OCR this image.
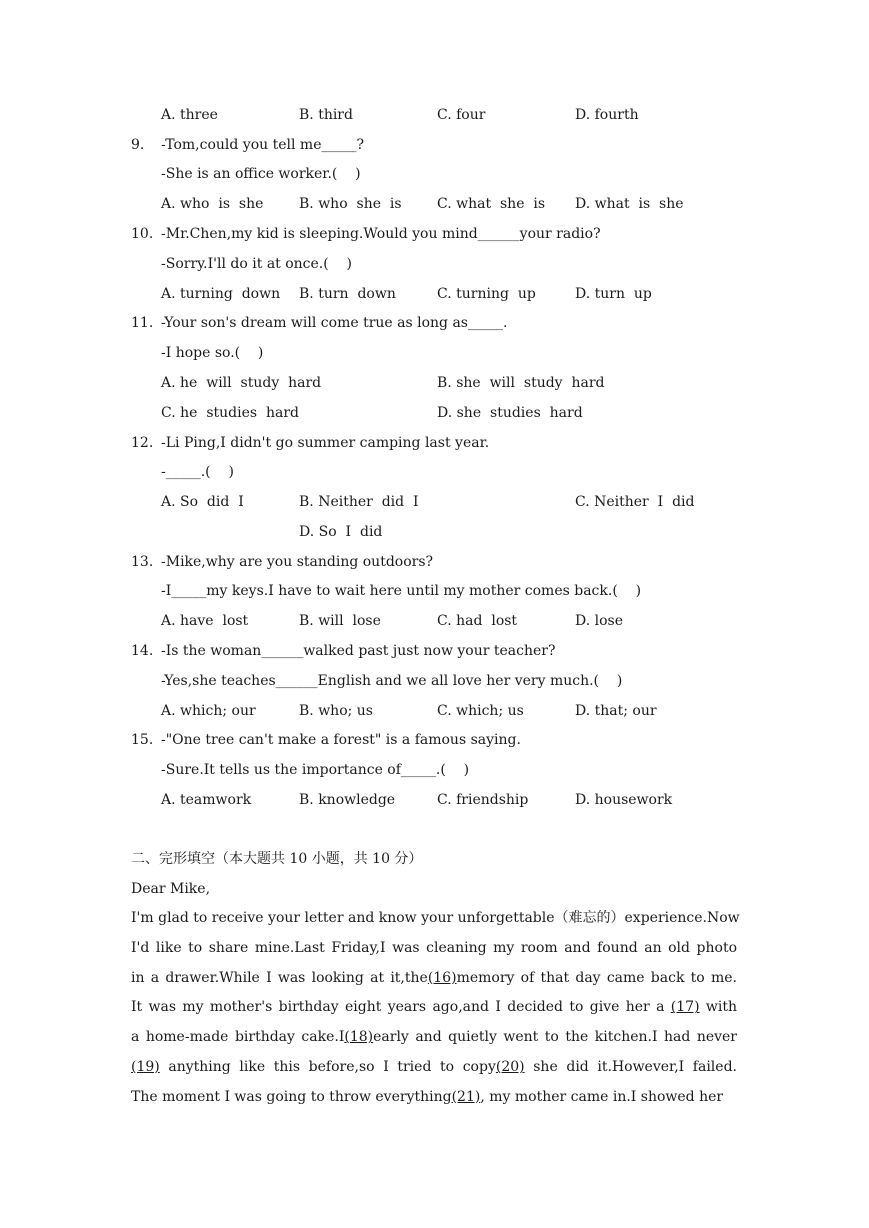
A. three	B. third	C. four	D. fourth
9. -Tom,could you tell me_____?
-She is an office worker.(    )
A. who  is  she	B. who  she  is	C. what  she  is D. what  is  she
10. -Mr.Chen,my kid is sleeping.Would you mind______your radio?
-Sorry.I'll do it at once.(    )
A. turning  down B. turn  down	C. turning  up	D. turn  up
11. -Your son's dream will come true as long as_____.
-I hope so.(    )
A. he  will  study  hard	B. she  will  study  hard
C. he  studies  hard	D. she  studies  hard
12. -Li Ping,I didn't go summer camping last year.
-_____.(    )
A. So  did  I	B. Neither  did  I	C. Neither  I  did
D. So  I  did
13. -Mike,why are you standing outdoors?
-I_____my keys.I have to wait here until my mother comes back.(    )
A. have  lost	B. will  lose	C. had  lost	D. lose
14. -Is the woman______walked past just now your teacher?
-Yes,she teaches______English and we all love her very much.(    )
A. which; our	B. who; us	C. which; us	D. that; our
15. -"One tree can't make a forest" is a famous saying.
-Sure.It tells us the importance of_____.(    )
A. teamwork	B. knowledge	C. friendship	D. housework
二、完形填空（本大题共 10 小题，共 10 分）
Dear Mike,
I'm glad to receive your letter and know your unforgettable（难忘的）experience.Now
I'd like to share mine.Last Friday,I was cleaning my room and found an old photo
in a drawer.While I was looking at it,the(16)memory of that day came back to me.
It was my mother's birthday eight years ago,and I decided to give her a (17) with
a home-made birthday cake.I(18)early and quietly went to the kitchen.I had never
(19) anything like this before,so I tried to copy(20) she did it.However,I failed.
The moment I was going to throw everything(21), my mother came in.I showed her
